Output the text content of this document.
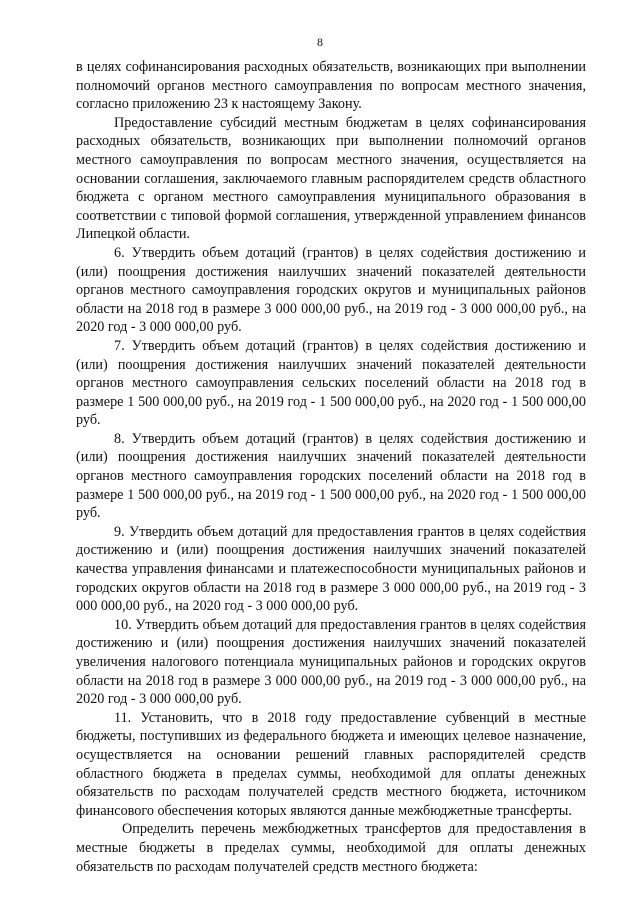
8

в целях софинансирования расходных обязательств, возникающих при выполнении полномочий органов местного самоуправления по вопросам местного значения, согласно приложению 23 к настоящему Закону.

Предоставление субсидий местным бюджетам в целях софинансирования расходных обязательств, возникающих при выполнении полномочий органов местного самоуправления по вопросам местного значения, осуществляется на основании соглашения, заключаемого главным распорядителем средств областного бюджета с органом местного самоуправления муниципального образования в соответствии с типовой формой соглашения, утвержденной управлением финансов Липецкой области.

6. Утвердить объем дотаций (грантов) в целях содействия достижению и (или) поощрения достижения наилучших значений показателей деятельности органов местного самоуправления городских округов и муниципальных районов области на 2018 год в размере 3 000 000,00 руб., на 2019 год - 3 000 000,00 руб., на 2020 год - 3 000 000,00 руб.

7. Утвердить объем дотаций (грантов) в целях содействия достижению и (или) поощрения достижения наилучших значений показателей деятельности органов местного самоуправления сельских поселений области на 2018 год в размере 1 500 000,00 руб., на 2019 год - 1 500 000,00 руб., на 2020 год - 1 500 000,00 руб.

8. Утвердить объем дотаций (грантов) в целях содействия достижению и (или) поощрения достижения наилучших значений показателей деятельности органов местного самоуправления городских поселений области на 2018 год в размере 1 500 000,00 руб., на 2019 год - 1 500 000,00 руб., на 2020 год - 1 500 000,00 руб.

9. Утвердить объем дотаций для предоставления грантов в целях содействия достижению и (или) поощрения достижения наилучших значений показателей качества управления финансами и платежеспособности муниципальных районов и городских округов области на 2018 год в размере 3 000 000,00 руб., на 2019 год - 3 000 000,00 руб., на 2020 год - 3 000 000,00 руб.

10. Утвердить объем дотаций для предоставления грантов в целях содействия достижению и (или) поощрения достижения наилучших значений показателей увеличения налогового потенциала муниципальных районов и городских округов области на 2018 год в размере 3 000 000,00 руб., на 2019 год - 3 000 000,00 руб., на 2020 год - 3 000 000,00 руб.

11. Установить, что в 2018 году предоставление субвенций в местные бюджеты, поступивших из федерального бюджета и имеющих целевое назначение, осуществляется на основании решений главных распорядителей средств областного бюджета в пределах суммы, необходимой для оплаты денежных обязательств по расходам получателей средств местного бюджета, источником финансового обеспечения которых являются данные межбюджетные трансферты.

Определить перечень межбюджетных трансфертов для предоставления в местные бюджеты в пределах суммы, необходимой для оплаты денежных обязательств по расходам получателей средств местного бюджета:
